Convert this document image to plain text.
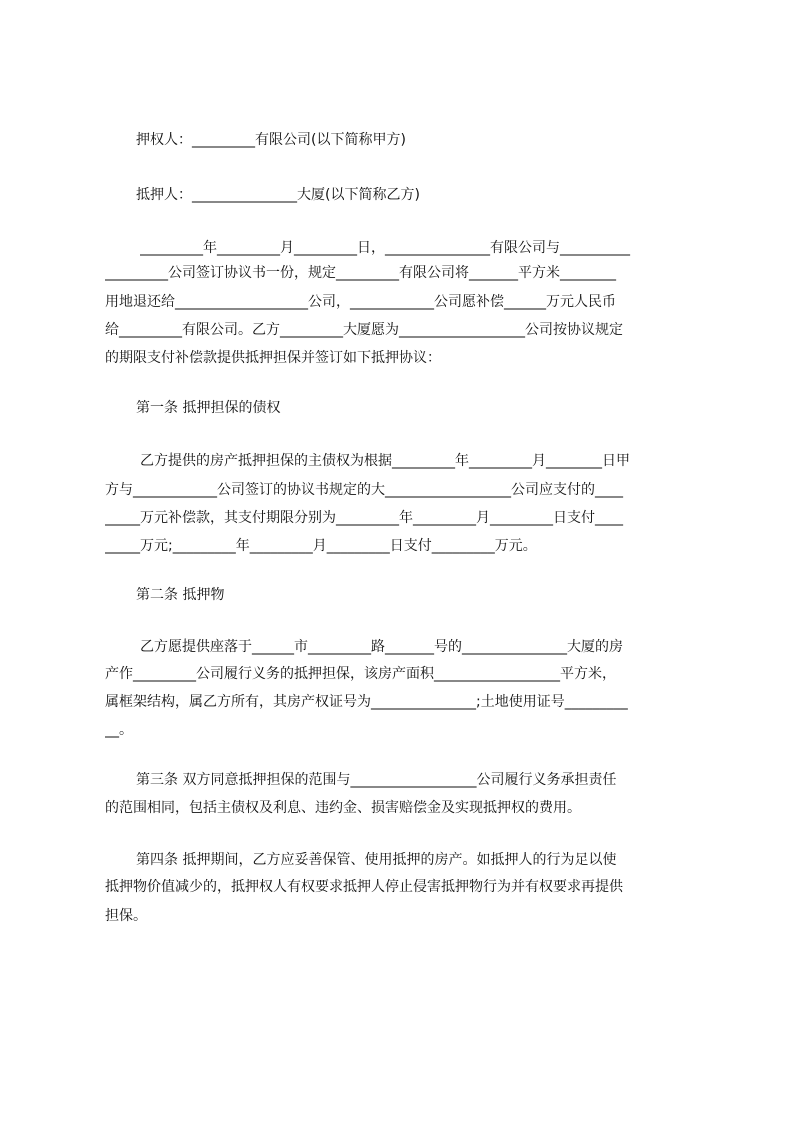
押权人：_________有限公司(以下简称甲方)
抵押人：_______________大厦(以下简称乙方)
_________年_________月_________日，_______________有限公司与__________
_________公司签订协议书一份，规定_________有限公司将_______平方米________
用地退还给___________________公司，____________公司愿补偿______万元人民币
给_________有限公司。乙方_________大厦愿为__________________公司按协议规定
的期限支付补偿款提供抵押担保并签订如下抵押协议：
第一条 抵押担保的债权
乙方提供的房产抵押担保的主债权为根据_________年_________月________日甲
方与____________公司签订的协议书规定的大__________________公司应支付的____
_____万元补偿款，其支付期限分别为_________年_________月_________日支付____
_____万元;_________年_________月_________日支付_________万元。
第二条 抵押物
乙方愿提供座落于______市_________路_______号的_______________大厦的房
产作_________公司履行义务的抵押担保，该房产面积__________________平方米，
属框架结构，属乙方所有，其房产权证号为_______________;土地使用证号_________
__。
第三条 双方同意抵押担保的范围与__________________公司履行义务承担责任
的范围相同，包括主债权及利息、违约金、损害赔偿金及实现抵押权的费用。
第四条 抵押期间，乙方应妥善保管、使用抵押的房产。如抵押人的行为足以使
抵押物价值减少的，抵押权人有权要求抵押人停止侵害抵押物行为并有权要求再提供
担保。
